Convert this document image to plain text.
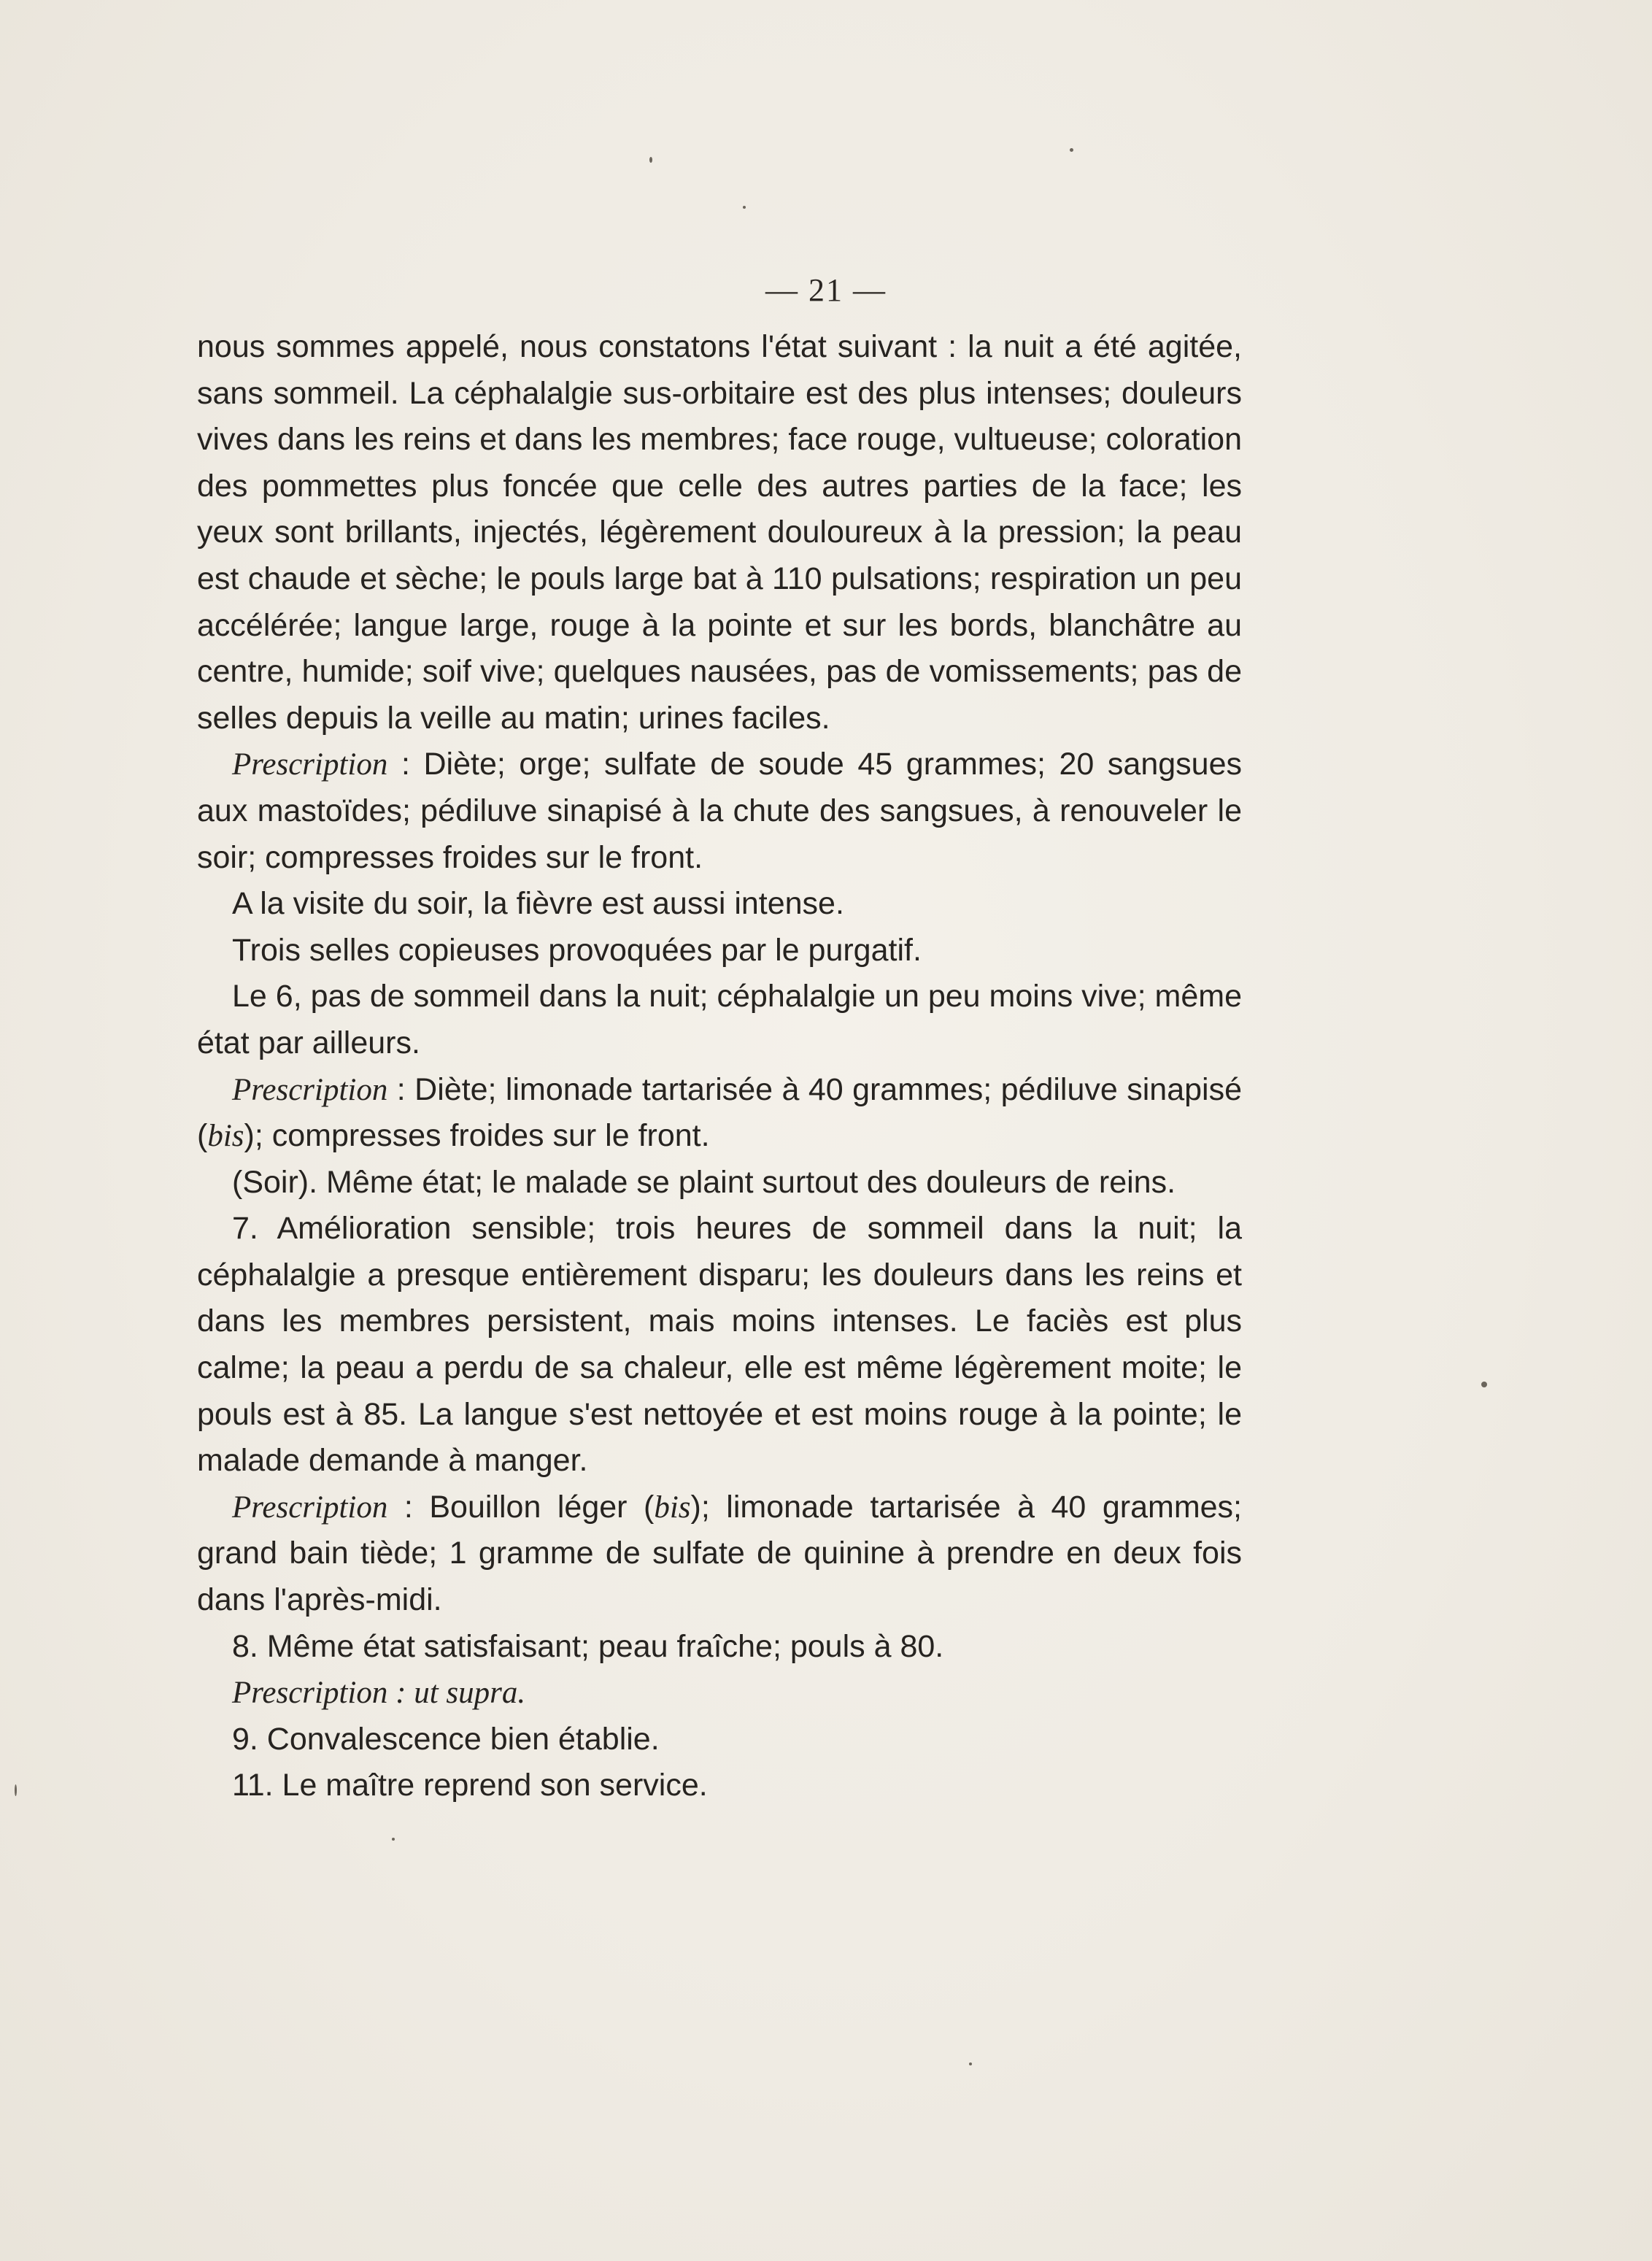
— 21 —

nous sommes appelé, nous constatons l'état suivant : la nuit a été agitée, sans sommeil. La céphalalgie sus-orbitaire est des plus intenses; douleurs vives dans les reins et dans les membres; face rouge, vultueuse; coloration des pommettes plus foncée que celle des autres parties de la face; les yeux sont brillants, injectés, légèrement douloureux à la pression; la peau est chaude et sèche; le pouls large bat à 110 pulsations; respiration un peu accélérée; langue large, rouge à la pointe et sur les bords, blanchâtre au centre, humide; soif vive; quelques nausées, pas de vomissements; pas de selles depuis la veille au matin; urines faciles.

Prescription : Diète; orge; sulfate de soude 45 grammes; 20 sangsues aux mastoïdes; pédiluve sinapisé à la chute des sangsues, à renouveler le soir; compresses froides sur le front.

A la visite du soir, la fièvre est aussi intense.

Trois selles copieuses provoquées par le purgatif.

Le 6, pas de sommeil dans la nuit; céphalalgie un peu moins vive; même état par ailleurs.

Prescription : Diète; limonade tartarisée à 40 grammes; pédiluve sinapisé (bis); compresses froides sur le front.

(Soir). Même état; le malade se plaint surtout des douleurs de reins.

7. Amélioration sensible; trois heures de sommeil dans la nuit; la céphalalgie a presque entièrement disparu; les douleurs dans les reins et dans les membres persistent, mais moins intenses. Le faciès est plus calme; la peau a perdu de sa chaleur, elle est même légèrement moite; le pouls est à 85. La langue s'est nettoyée et est moins rouge à la pointe; le malade demande à manger.

Prescription : Bouillon léger (bis); limonade tartarisée à 40 grammes; grand bain tiède; 1 gramme de sulfate de quinine à prendre en deux fois dans l'après-midi.

8. Même état satisfaisant; peau fraîche; pouls à 80.

Prescription : ut supra.

9. Convalescence bien établie.

11. Le maître reprend son service.
